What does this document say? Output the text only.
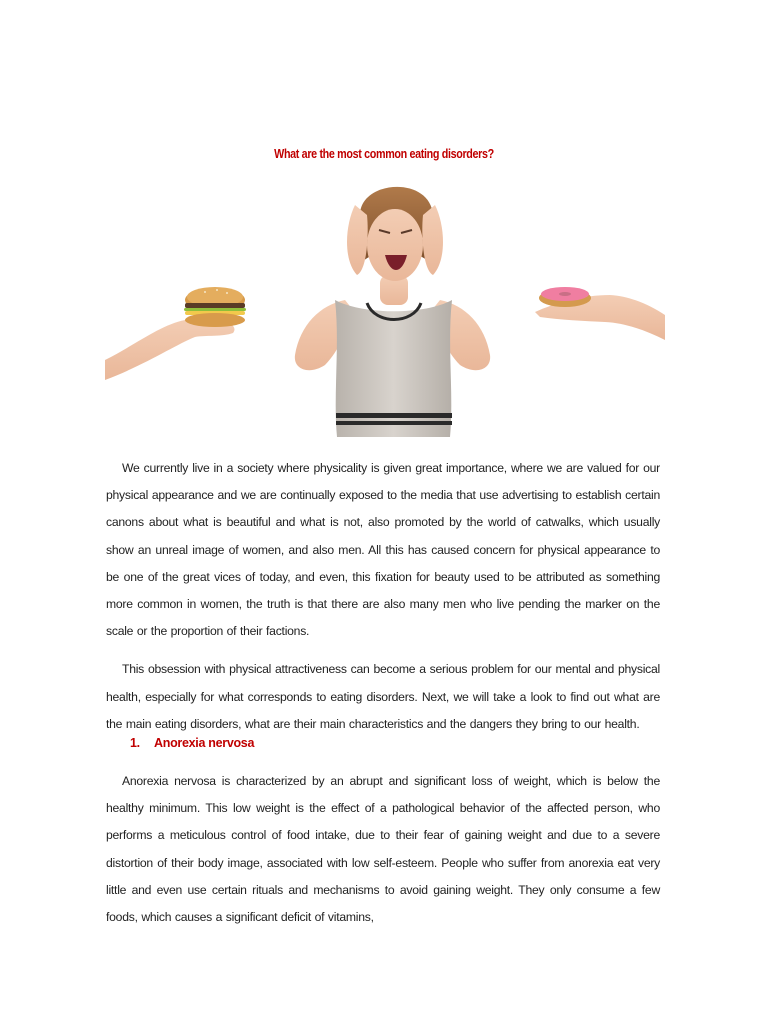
What are the most common eating disorders?

We currently live in a society where physicality is given great importance, where we are valued for our physical appearance and we are continually exposed to the media that use advertising to establish certain canons about what is beautiful and what is not, also promoted by the world of catwalks, which usually show an unreal image of women, and also men. All this has caused concern for physical appearance to be one of the great vices of today, and even, this fixation for beauty used to be attributed as something more common in women, the truth is that there are also many men who live pending the marker on the scale or the proportion of their factions.

This obsession with physical attractiveness can become a serious problem for our mental and physical health, especially for what corresponds to eating disorders. Next, we will take a look to find out what are the main eating disorders, what are their main characteristics and the dangers they bring to our health.

1. Anorexia nervosa

Anorexia nervosa is characterized by an abrupt and significant loss of weight, which is below the healthy minimum. This low weight is the effect of a pathological behavior of the affected person, who performs a meticulous control of food intake, due to their fear of gaining weight and due to a severe distortion of their body image, associated with low self-esteem. People who suffer from anorexia eat very little and even use certain rituals and mechanisms to avoid gaining weight. They only consume a few foods, which causes a significant deficit of vitamins,
